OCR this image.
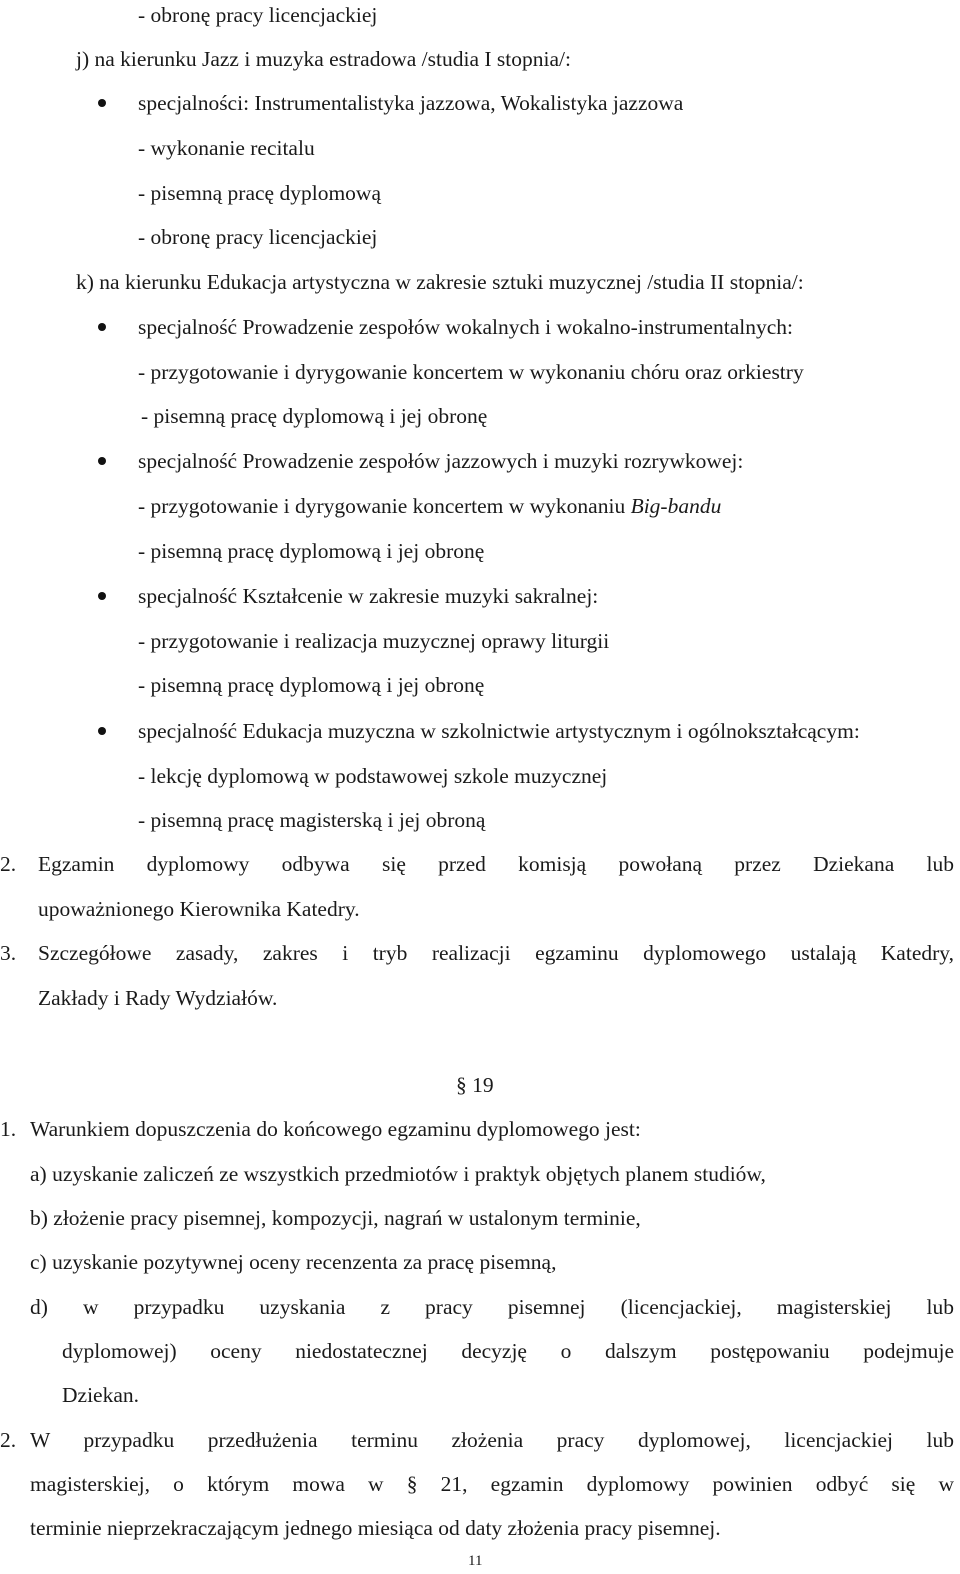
- obronę pracy licencjackiej
j) na kierunku Jazz i muzyka estradowa /studia I stopnia/:
specjalności: Instrumentalistyka jazzowa, Wokalistyka jazzowa
- wykonanie recitalu
- pisemną pracę dyplomową
- obronę pracy licencjackiej
k) na kierunku Edukacja artystyczna w zakresie sztuki muzycznej /studia II stopnia/:
specjalność Prowadzenie zespołów wokalnych i wokalno-instrumentalnych:
- przygotowanie i dyrygowanie koncertem w wykonaniu chóru oraz orkiestry
- pisemną pracę dyplomową i jej obronę
specjalność Prowadzenie zespołów jazzowych i muzyki rozrywkowej:
- przygotowanie i dyrygowanie koncertem w wykonaniu Big-bandu
- pisemną pracę dyplomową i jej obronę
specjalność Kształcenie w zakresie muzyki sakralnej:
- przygotowanie i realizacja muzycznej oprawy liturgii
- pisemną pracę dyplomową i jej obronę
specjalność Edukacja muzyczna w szkolnictwie artystycznym i ogólnokształcącym:
- lekcję dyplomową w podstawowej szkole muzycznej
- pisemną pracę magisterską i jej obroną
2. Egzamin dyplomowy odbywa się przed komisją powołaną przez Dziekana lub
upoważnionego Kierownika Katedry.
3. Szczegółowe zasady, zakres i tryb realizacji egzaminu dyplomowego ustalają Katedry,
Zakłady i Rady Wydziałów.
§ 19
1. Warunkiem dopuszczenia do końcowego egzaminu dyplomowego jest:
a) uzyskanie zaliczeń ze wszystkich przedmiotów i praktyk objętych planem studiów,
b) złożenie pracy pisemnej, kompozycji, nagrań w ustalonym terminie,
c) uzyskanie pozytywnej oceny recenzenta za pracę pisemną,
d) w przypadku uzyskania z pracy pisemnej (licencjackiej, magisterskiej lub
dyplomowej) oceny niedostatecznej decyzję o dalszym postępowaniu podejmuje
Dziekan.
2. W przypadku przedłużenia terminu złożenia pracy dyplomowej, licencjackiej lub
magisterskiej, o którym mowa w § 21, egzamin dyplomowy powinien odbyć się w
terminie nieprzekraczającym jednego miesiąca od daty złożenia pracy pisemnej.
11
